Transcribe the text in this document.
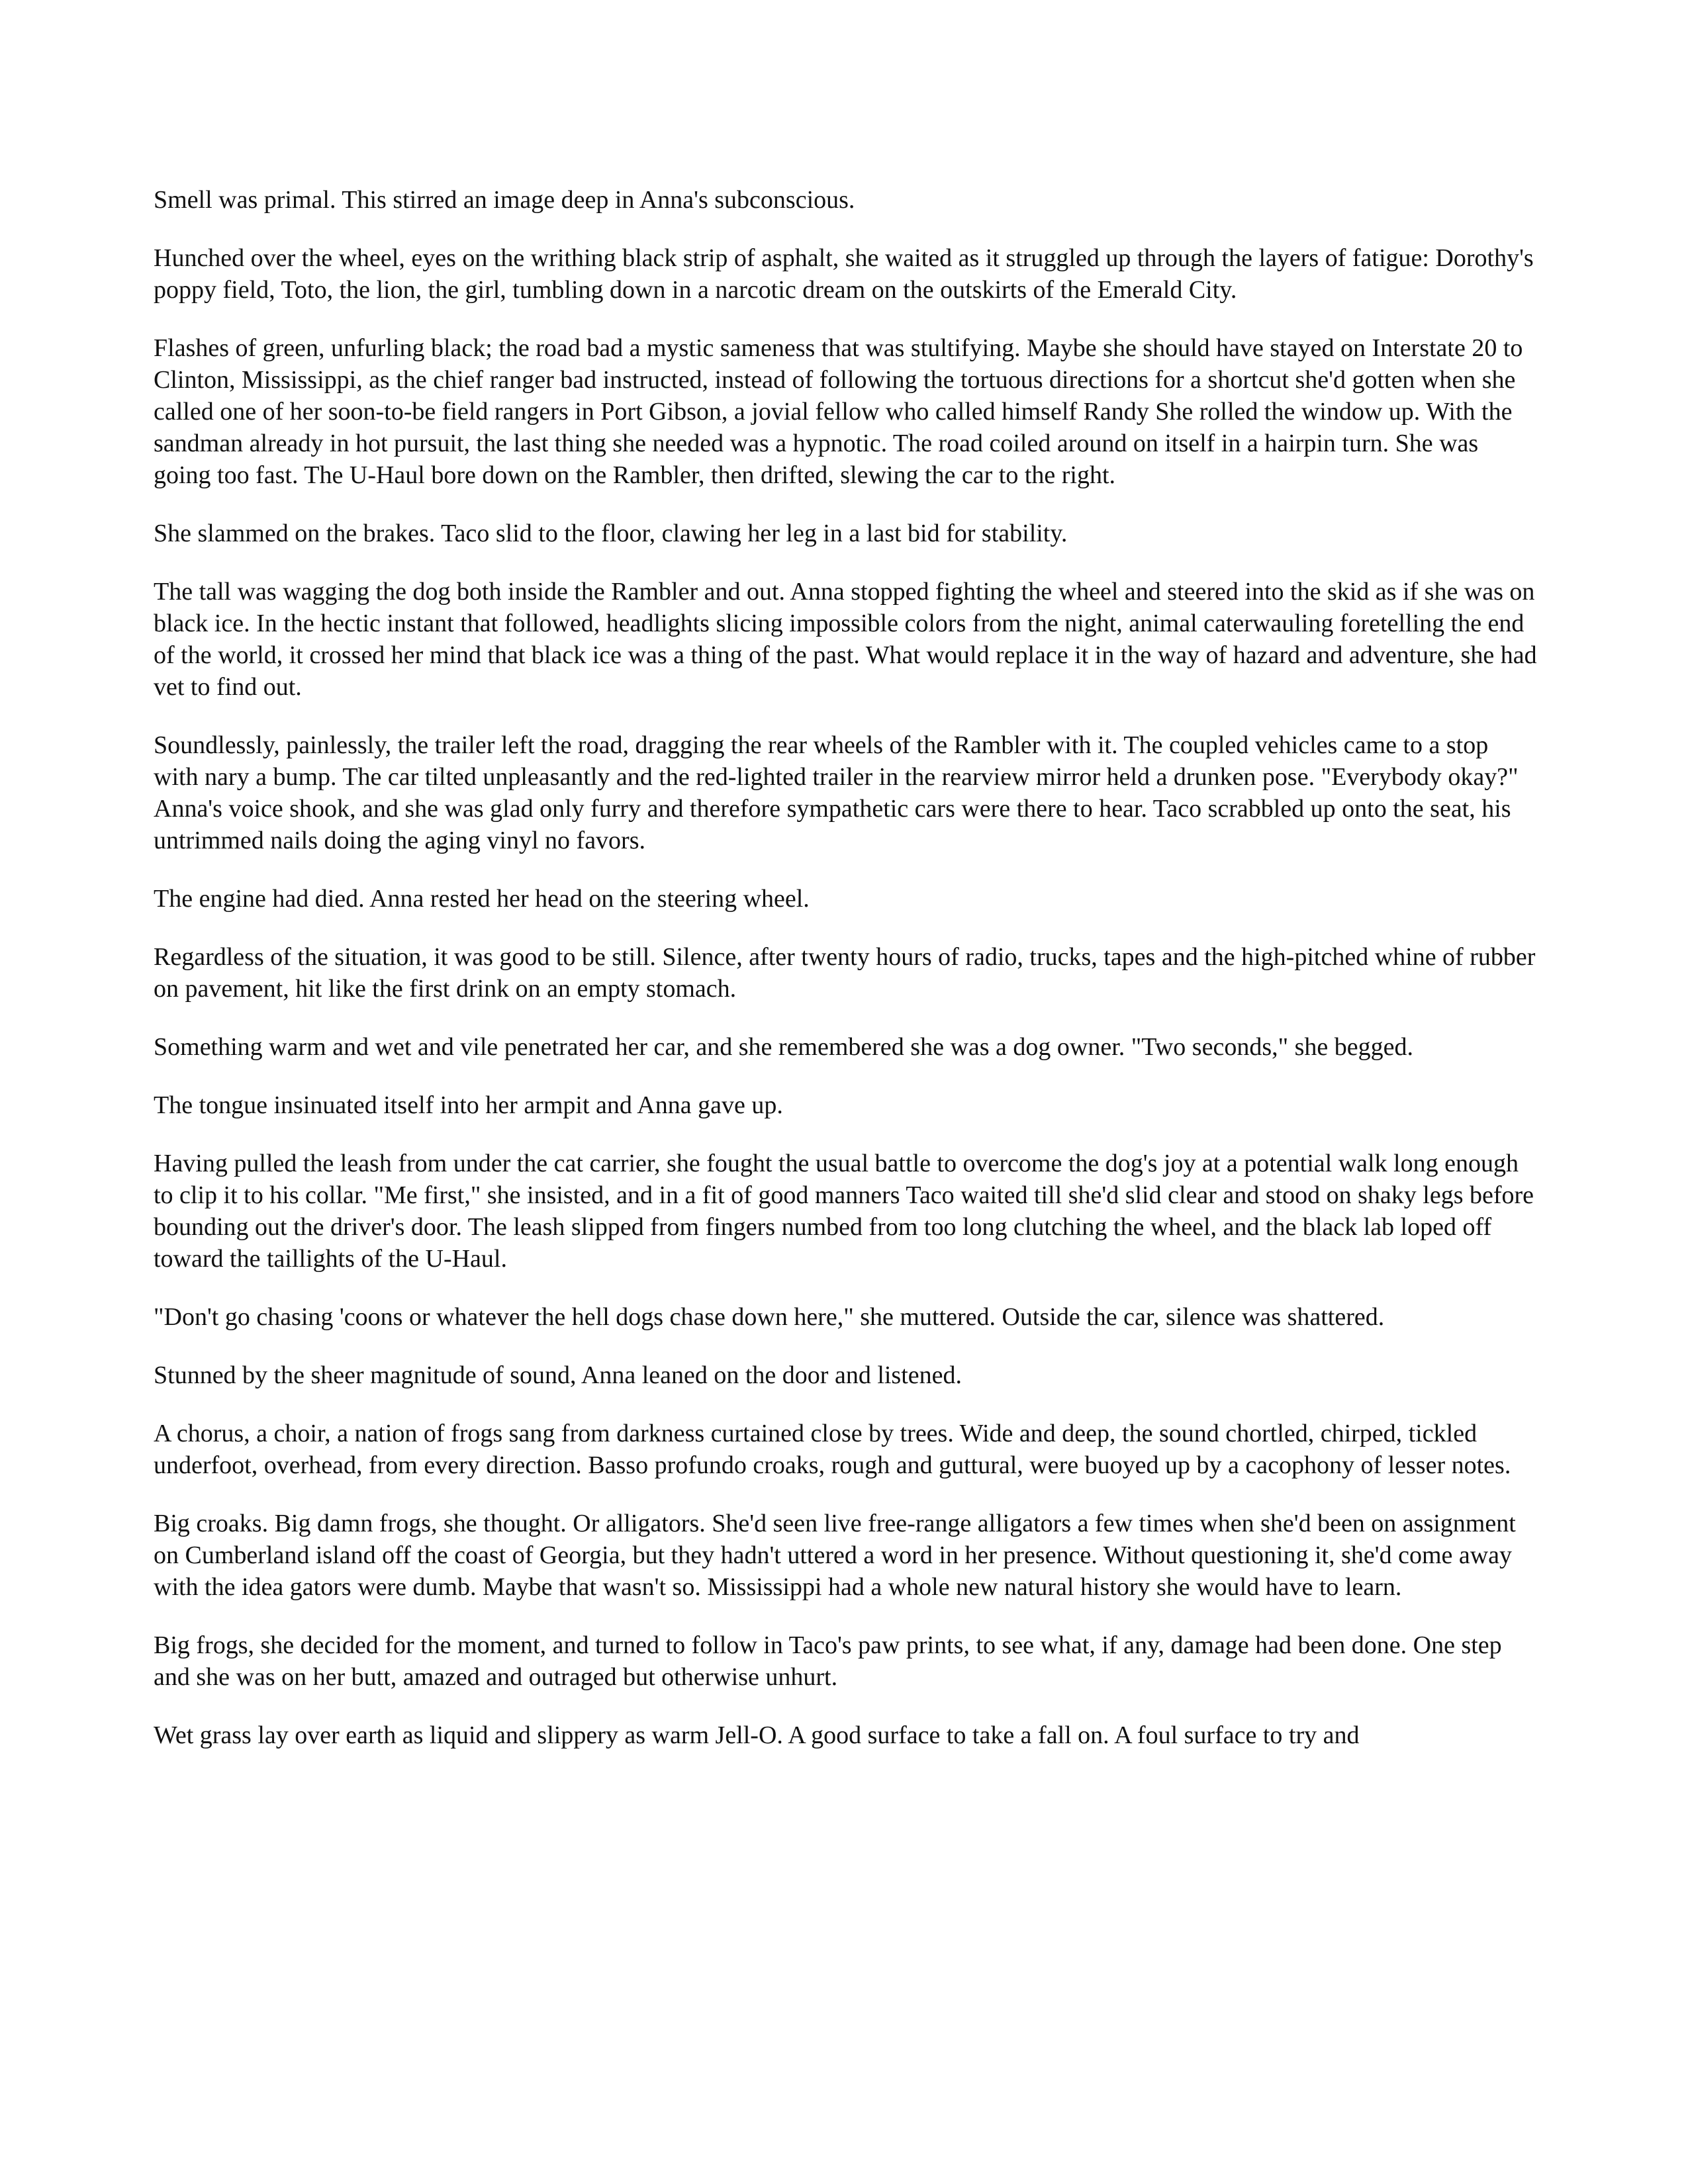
Smell was primal. This stirred an image deep in Anna's subconscious.

Hunched over the wheel, eyes on the writhing black strip of asphalt, she waited as it struggled up through the layers of fatigue: Dorothy's poppy field, Toto, the lion, the girl, tumbling down in a narcotic dream on the outskirts of the Emerald City.

Flashes of green, unfurling black; the road bad a mystic sameness that was stultifying. Maybe she should have stayed on Interstate 20 to Clinton, Mississippi, as the chief ranger bad instructed, instead of following the tortuous directions for a shortcut she'd gotten when she called one of her soon-to-be field rangers in Port Gibson, a jovial fellow who called himself Randy She rolled the window up. With the sandman already in hot pursuit, the last thing she needed was a hypnotic. The road coiled around on itself in a hairpin turn. She was going too fast. The U-Haul bore down on the Rambler, then drifted, slewing the car to the right.

She slammed on the brakes. Taco slid to the floor, clawing her leg in a last bid for stability.

The tall was wagging the dog both inside the Rambler and out. Anna stopped fighting the wheel and steered into the skid as if she was on black ice. In the hectic instant that followed, headlights slicing impossible colors from the night, animal caterwauling foretelling the end of the world, it crossed her mind that black ice was a thing of the past. What would replace it in the way of hazard and adventure, she had vet to find out.

Soundlessly, painlessly, the trailer left the road, dragging the rear wheels of the Rambler with it. The coupled vehicles came to a stop with nary a bump. The car tilted unpleasantly and the red-lighted trailer in the rearview mirror held a drunken pose. "Everybody okay?" Anna's voice shook, and she was glad only furry and therefore sympathetic cars were there to hear. Taco scrabbled up onto the seat, his untrimmed nails doing the aging vinyl no favors.

The engine had died. Anna rested her head on the steering wheel.

Regardless of the situation, it was good to be still. Silence, after twenty hours of radio, trucks, tapes and the high-pitched whine of rubber on pavement, hit like the first drink on an empty stomach.

Something warm and wet and vile penetrated her car, and she remembered she was a dog owner. "Two seconds," she begged.

The tongue insinuated itself into her armpit and Anna gave up.

Having pulled the leash from under the cat carrier, she fought the usual battle to overcome the dog's joy at a potential walk long enough to clip it to his collar. "Me first," she insisted, and in a fit of good manners Taco waited till she'd slid clear and stood on shaky legs before bounding out the driver's door. The leash slipped from fingers numbed from too long clutching the wheel, and the black lab loped off toward the taillights of the U-Haul.

"Don't go chasing 'coons or whatever the hell dogs chase down here," she muttered. Outside the car, silence was shattered.

Stunned by the sheer magnitude of sound, Anna leaned on the door and listened.

A chorus, a choir, a nation of frogs sang from darkness curtained close by trees. Wide and deep, the sound chortled, chirped, tickled underfoot, overhead, from every direction. Basso profundo croaks, rough and guttural, were buoyed up by a cacophony of lesser notes.

Big croaks. Big damn frogs, she thought. Or alligators. She'd seen live free-range alligators a few times when she'd been on assignment on Cumberland island off the coast of Georgia, but they hadn't uttered a word in her presence. Without questioning it, she'd come away with the idea gators were dumb. Maybe that wasn't so. Mississippi had a whole new natural history she would have to learn.

Big frogs, she decided for the moment, and turned to follow in Taco's paw prints, to see what, if any, damage had been done. One step and she was on her butt, amazed and outraged but otherwise unhurt.

Wet grass lay over earth as liquid and slippery as warm Jell-O. A good surface to take a fall on. A foul surface to try and
